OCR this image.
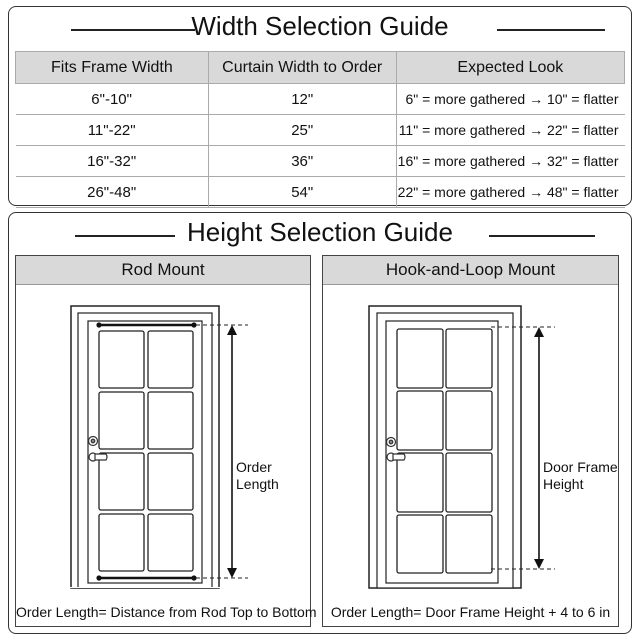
Width Selection Guide
Fits Frame Width	Curtain Width to Order	Expected Look
6"-10"	12"	6" = more gathered → 10" = flatter
11"-22"	25"	11" = more gathered → 22" = flatter
16"-32"	36"	16" = more gathered → 32" = flatter
26"-48"	54"	22" = more gathered → 48" = flatter
Height Selection Guide
Rod Mount
Order
Length
Order Length= Distance from Rod Top to Bottom
Hook-and-Loop Mount
Door Frame
Height
Order Length= Door Frame Height + 4 to 6 in
